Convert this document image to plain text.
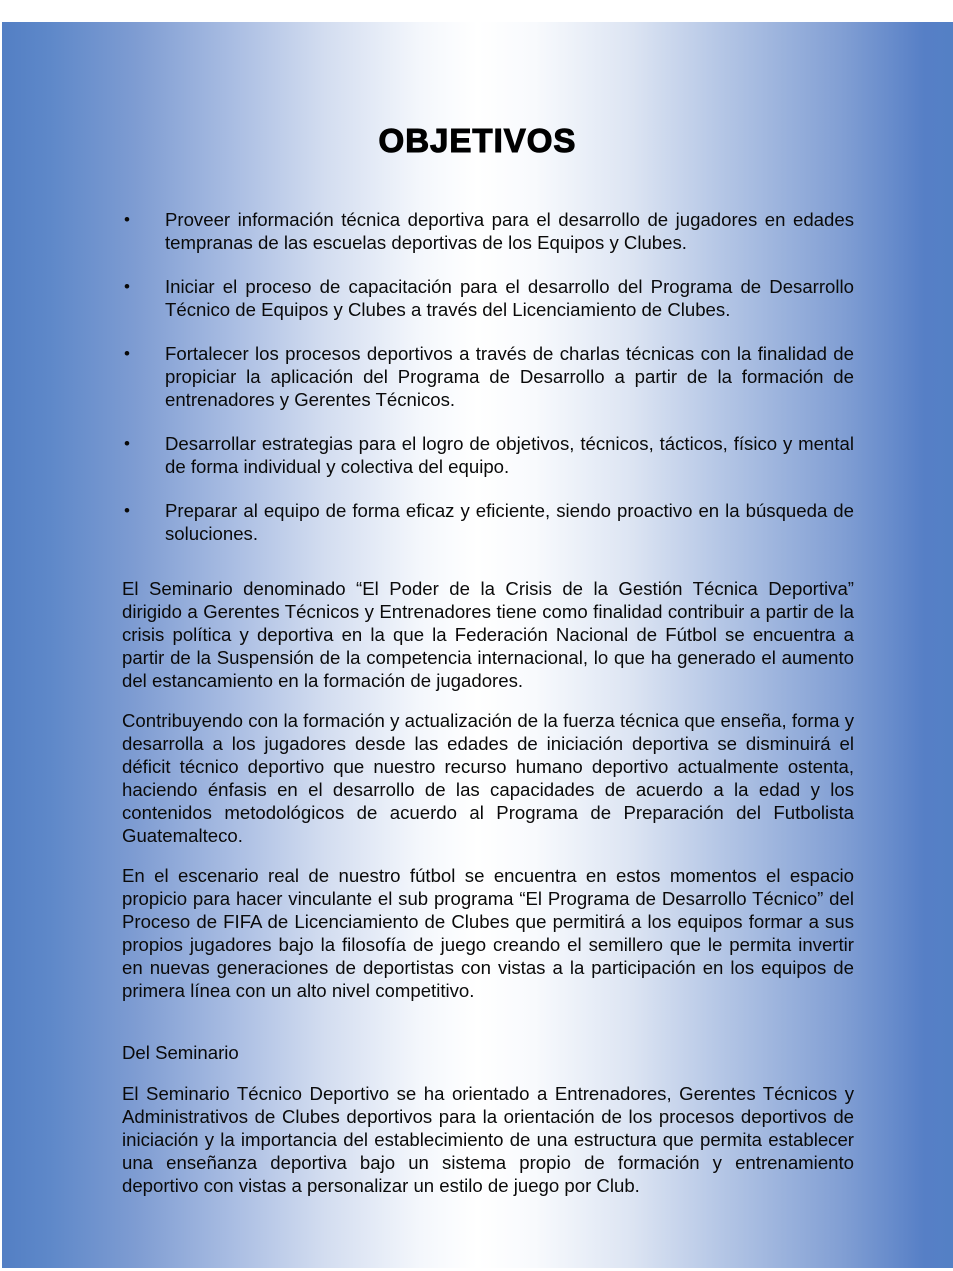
OBJETIVOS
•	Proveer información técnica deportiva para el desarrollo de jugadores en edades tempranas de las escuelas deportivas de los Equipos y Clubes.
•	Iniciar el proceso de capacitación para el desarrollo del Programa de Desarrollo Técnico de Equipos y Clubes a través del Licenciamiento de Clubes.
•	Fortalecer los procesos deportivos a través de charlas técnicas con la finalidad de propiciar la aplicación del Programa de Desarrollo a partir de la formación de entrenadores y Gerentes Técnicos.
•	Desarrollar estrategias para el logro de objetivos, técnicos, tácticos, físico y mental de forma individual y colectiva del equipo.
•	Preparar al equipo de forma eficaz y eficiente, siendo proactivo en la búsqueda de soluciones.

El Seminario denominado “El Poder de la Crisis de la Gestión Técnica Deportiva” dirigido a Gerentes Técnicos y Entrenadores tiene como finalidad contribuir a partir de la crisis política y deportiva en la que la Federación Nacional de Fútbol se encuentra a partir de la Suspensión de la competencia internacional, lo que ha generado el aumento del estancamiento en la formación de jugadores.

Contribuyendo con la formación y actualización de la fuerza técnica que enseña, forma y desarrolla a los jugadores desde las edades de iniciación deportiva se disminuirá el déficit técnico deportivo que nuestro recurso humano deportivo actualmente ostenta, haciendo énfasis en el desarrollo de las capacidades de acuerdo a la edad y los contenidos metodológicos de acuerdo al Programa de Preparación del Futbolista Guatemalteco.

En el escenario real de nuestro fútbol se encuentra en estos momentos el espacio propicio para hacer vinculante el sub programa “El Programa de Desarrollo Técnico” del Proceso de FIFA de Licenciamiento de Clubes que permitirá a los equipos formar a sus propios jugadores bajo la filosofía de juego creando el semillero que le permita invertir en nuevas generaciones de deportistas con vistas a la participación en los equipos de primera línea con un alto nivel competitivo.

Del Seminario

El Seminario Técnico Deportivo se ha orientado a Entrenadores, Gerentes Técnicos y Administrativos de Clubes deportivos para la orientación de los procesos deportivos de iniciación y la importancia del establecimiento de una estructura que permita establecer una enseñanza deportiva bajo un sistema propio de formación y entrenamiento deportivo con vistas a personalizar un estilo de juego por Club.
